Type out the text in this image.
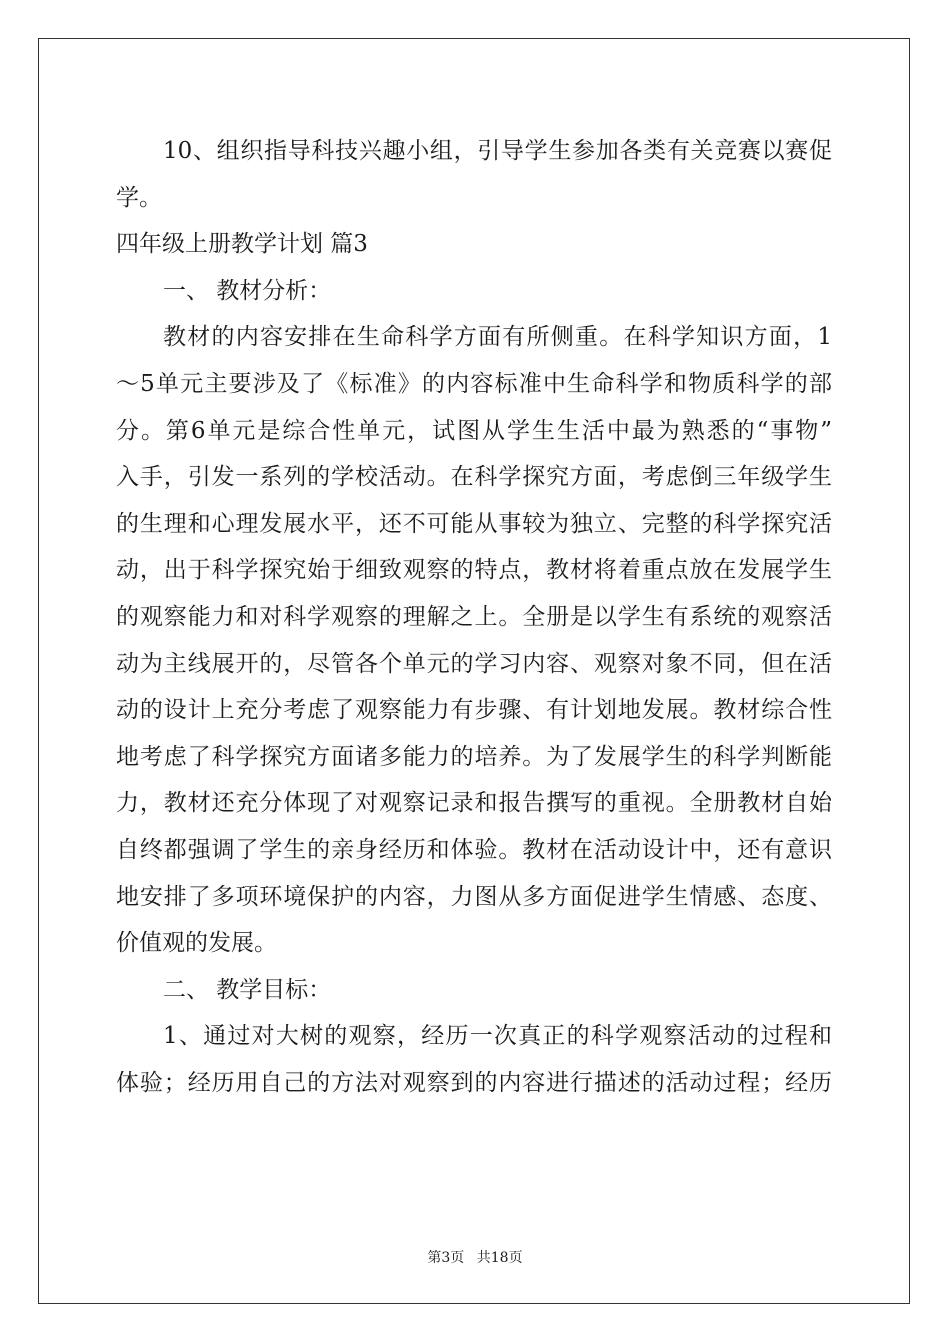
10、组织指导科技兴趣小组，引导学生参加各类有关竞赛以赛促
学。
四年级上册教学计划 篇3
一、 教材分析：
教材的内容安排在生命科学方面有所侧重。在科学知识方面，1
～5单元主要涉及了《标准》的内容标准中生命科学和物质科学的部
分。第6单元是综合性单元，试图从学生生活中最为熟悉的“事物”
入手，引发一系列的学校活动。在科学探究方面，考虑倒三年级学生
的生理和心理发展水平，还不可能从事较为独立、完整的科学探究活
动，出于科学探究始于细致观察的特点，教材将着重点放在发展学生
的观察能力和对科学观察的理解之上。全册是以学生有系统的观察活
动为主线展开的，尽管各个单元的学习内容、观察对象不同，但在活
动的设计上充分考虑了观察能力有步骤、有计划地发展。教材综合性
地考虑了科学探究方面诸多能力的培养。为了发展学生的科学判断能
力，教材还充分体现了对观察记录和报告撰写的重视。全册教材自始
自终都强调了学生的亲身经历和体验。教材在活动设计中，还有意识
地安排了多项环境保护的内容，力图从多方面促进学生情感、态度、
价值观的发展。
二、 教学目标：
1、通过对大树的观察，经历一次真正的科学观察活动的过程和
体验；经历用自己的方法对观察到的内容进行描述的活动过程；经历
第3页 共18页
